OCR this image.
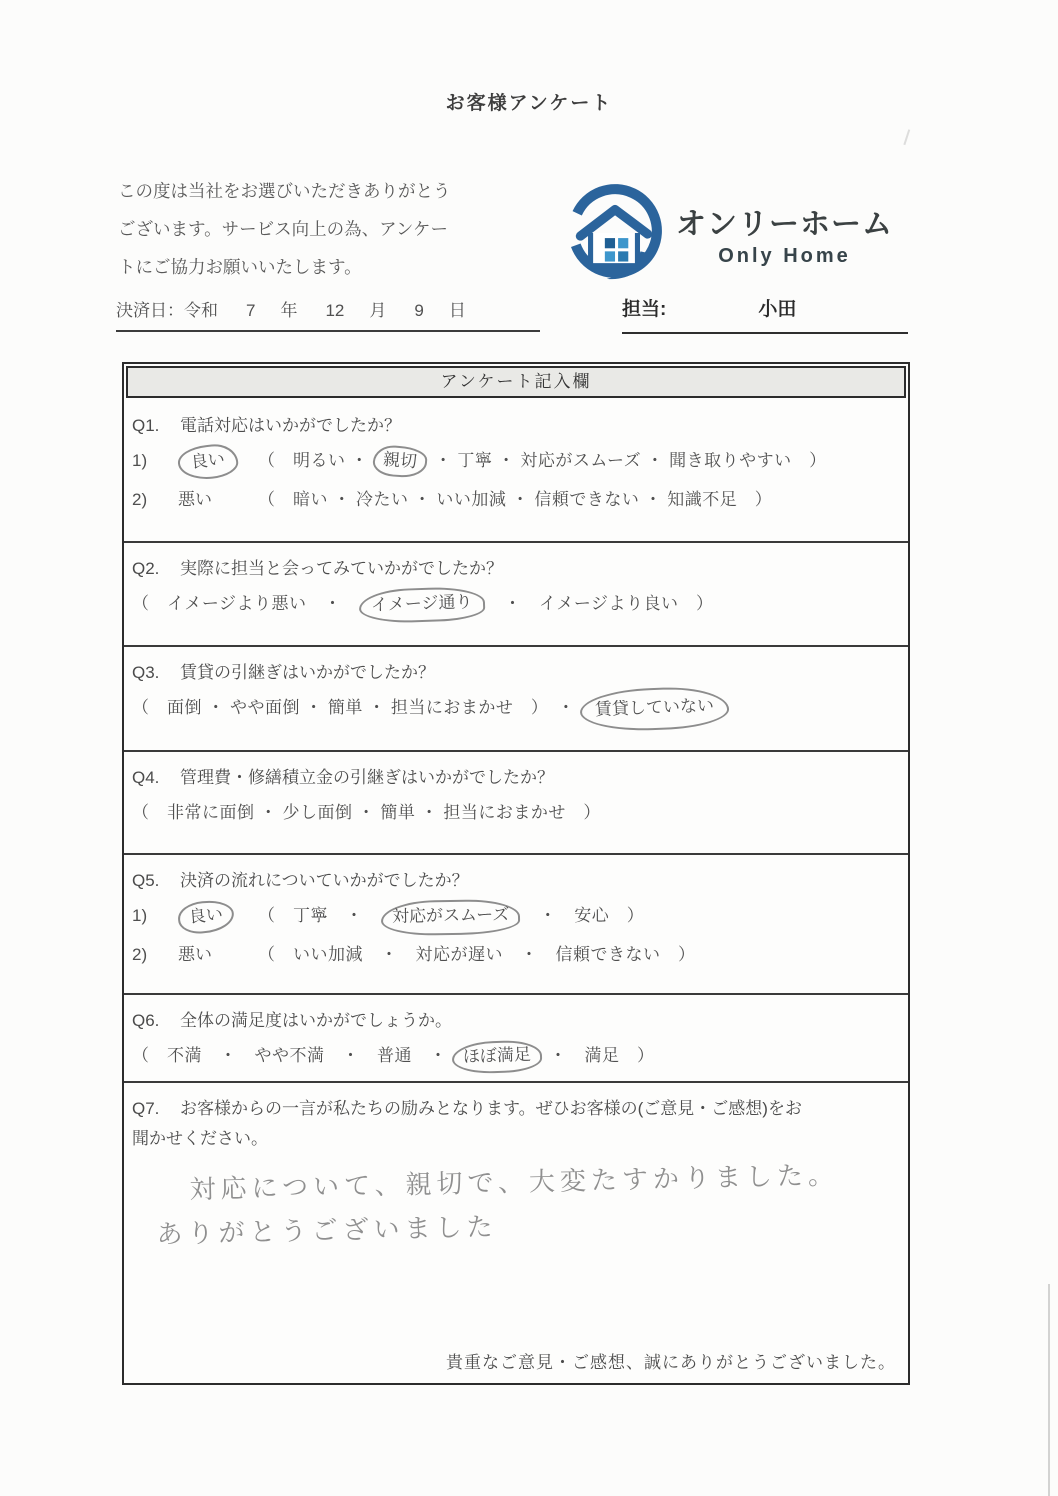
お客様アンケート
この度は当社をお選びいただきありがとう
ございます。サービス向上の為、アンケー
トにご協力お願いいたします。
オンリーホーム
Only Home
決済日：令和 7 年 12 月 9 日	担当:	小田
アンケート記入欄
Q1. 電話対応はいかがでしたか？
1)	良い （　明るい ・ 親切 ・ 丁寧 ・ 対応がスムーズ ・ 聞き取りやすい　）
2) 悪い	（　暗い ・ 冷たい ・ いい加減 ・ 信頼できない ・ 知識不足　）
Q2. 実際に担当と会ってみていかがでしたか？
（　イメージより悪い　・　イメージ通り　・　イメージより良い　）
Q3. 賃貸の引継ぎはいかがでしたか？
（　面倒 ・ やや面倒 ・ 簡単 ・ 担当におまかせ　）　・ 賃貸していない
Q4. 管理費・修繕積立金の引継ぎはいかがでしたか？
（　非常に面倒 ・ 少し面倒 ・ 簡単 ・ 担当におまかせ　）
Q5. 決済の流れについていかがでしたか？
1) 良い （　丁寧　・　対応がスムーズ　・　安心　）
2) 悪い	（　いい加減　・　対応が遅い　・　信頼できない　）
Q6. 全体の満足度はいかがでしょうか。
（　不満　・　やや不満　・　普通　・ ほぼ満足 ・　満足　）
Q7. お客様からの一言が私たちの励みとなります。ぜひお客様の(ご意見・ご感想)をお
聞かせください。
対応について、親切で、大変たすかりました。
ありがとうございました
貴重なご意見・ご感想、誠にありがとうございました。
